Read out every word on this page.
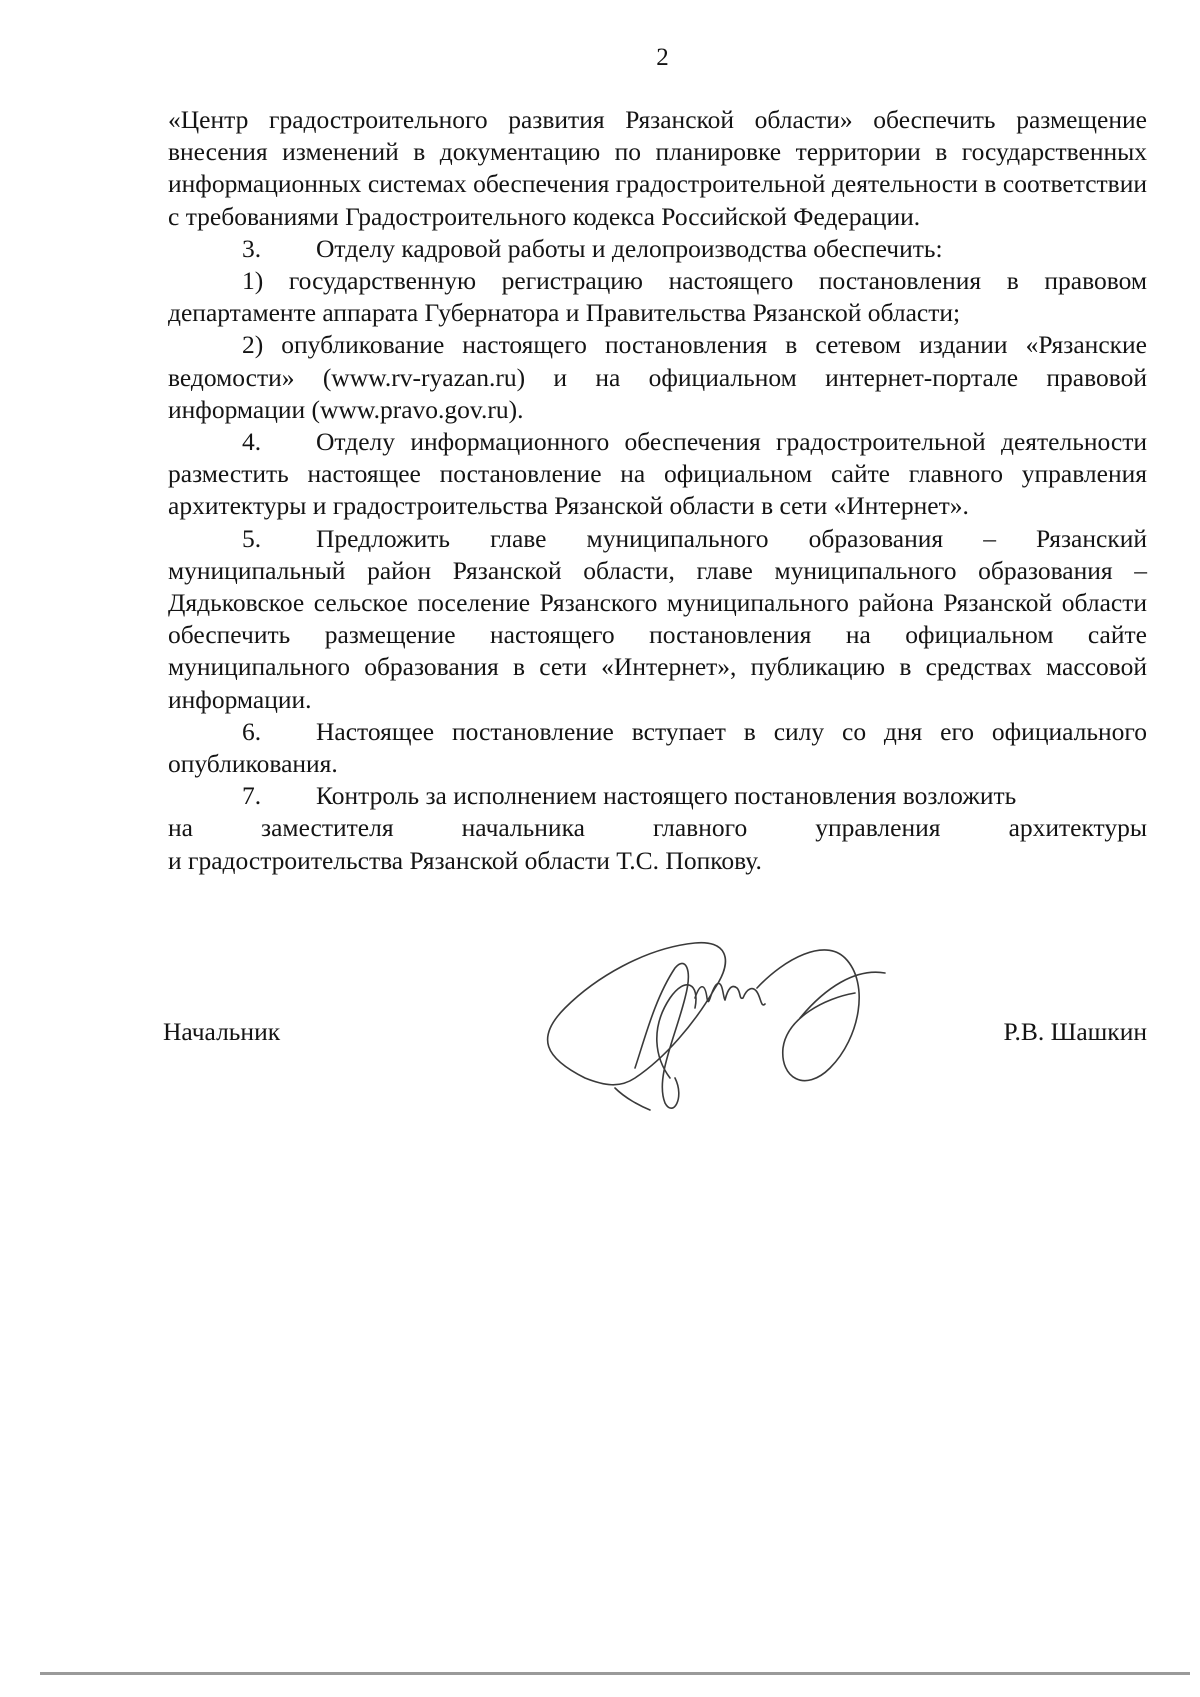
2

«Центр градостроительного развития Рязанской области» обеспечить размещение внесения изменений в документацию по планировке территории в государственных информационных системах обеспечения градостроительной деятельности в соответствии с требованиями Градостроительного кодекса Российской Федерации.

3. Отделу кадровой работы и делопроизводства обеспечить:

1) государственную регистрацию настоящего постановления в правовом департаменте аппарата Губернатора и Правительства Рязанской области;

2) опубликование настоящего постановления в сетевом издании «Рязанские ведомости» (www.rv-ryazan.ru) и на официальном интернет-портале правовой информации (www.pravo.gov.ru).

4. Отделу информационного обеспечения градостроительной деятельности разместить настоящее постановление на официальном сайте главного управления архитектуры и градостроительства Рязанской области в сети «Интернет».

5. Предложить главе муниципального образования – Рязанский муниципальный район Рязанской области, главе муниципального образования – Дядьковское сельское поселение Рязанского муниципального района Рязанской области обеспечить размещение настоящего постановления на официальном сайте муниципального образования в сети «Интернет», публикацию в средствах массовой информации.

6. Настоящее постановление вступает в силу со дня его официального опубликования.

7. Контроль за исполнением настоящего постановления возложить

на заместителя начальника главного управления архитектуры

и градостроительства Рязанской области Т.С. Попкову.

Начальник	Р.В. Шашкин
